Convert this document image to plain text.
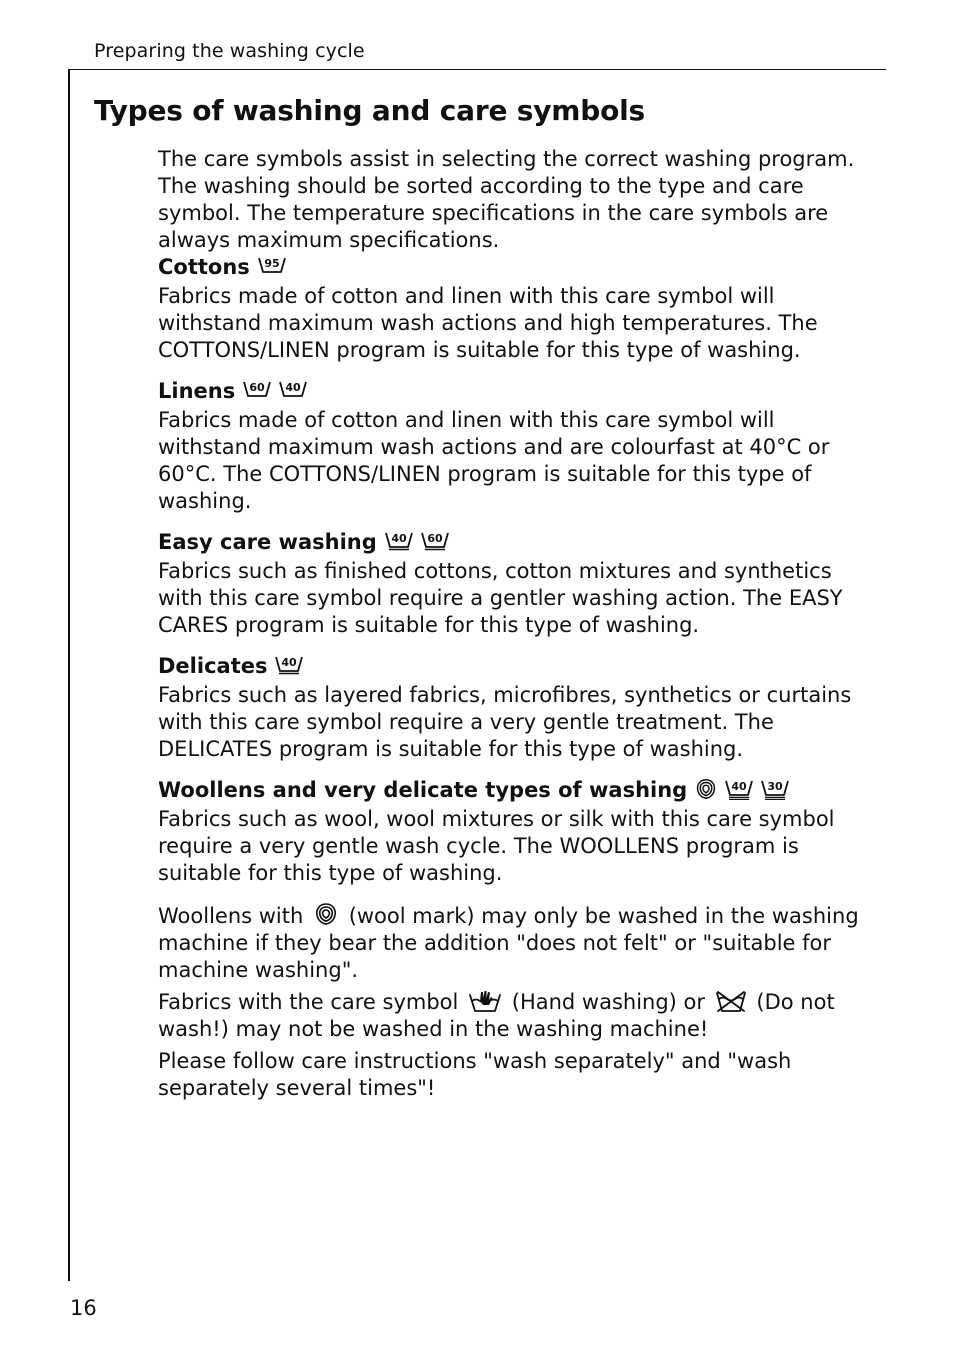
Preparing the washing cycle
Types of washing and care symbols

The care symbols assist in selecting the correct washing program. The washing should be sorted according to the type and care symbol. The temperature specifications in the care symbols are always maximum specifications.

Cottons 95

Fabrics made of cotton and linen with this care symbol will withstand maximum wash actions and high temperatures. The COTTONS/LINEN program is suitable for this type of washing.

Linens 60 40

Fabrics made of cotton and linen with this care symbol will withstand maximum wash actions and are colourfast at 40°C or 60°C. The COTTONS/LINEN program is suitable for this type of washing.

Easy care washing 40 60

Fabrics such as finished cottons, cotton mixtures and synthetics with this care symbol require a gentler washing action. The EASY CARES program is suitable for this type of washing.

Delicates 40

Fabrics such as layered fabrics, microfibres, synthetics or curtains with this care symbol require a very gentle treatment. The DELICATES program is suitable for this type of washing.

Woollens and very delicate types of washing	40 30

Fabrics such as wool, wool mixtures or silk with this care symbol require a very gentle wash cycle. The WOOLLENS program is suitable for this type of washing.

Woollens with (wool mark) may only be washed in the washing machine if they bear the addition "does not felt" or "suitable for machine washing".

Fabrics with the care symbol	(Hand washing) or (Do not wash!) may not be washed in the washing machine!

Please follow care instructions "wash separately" and "wash separately several times"!

16
